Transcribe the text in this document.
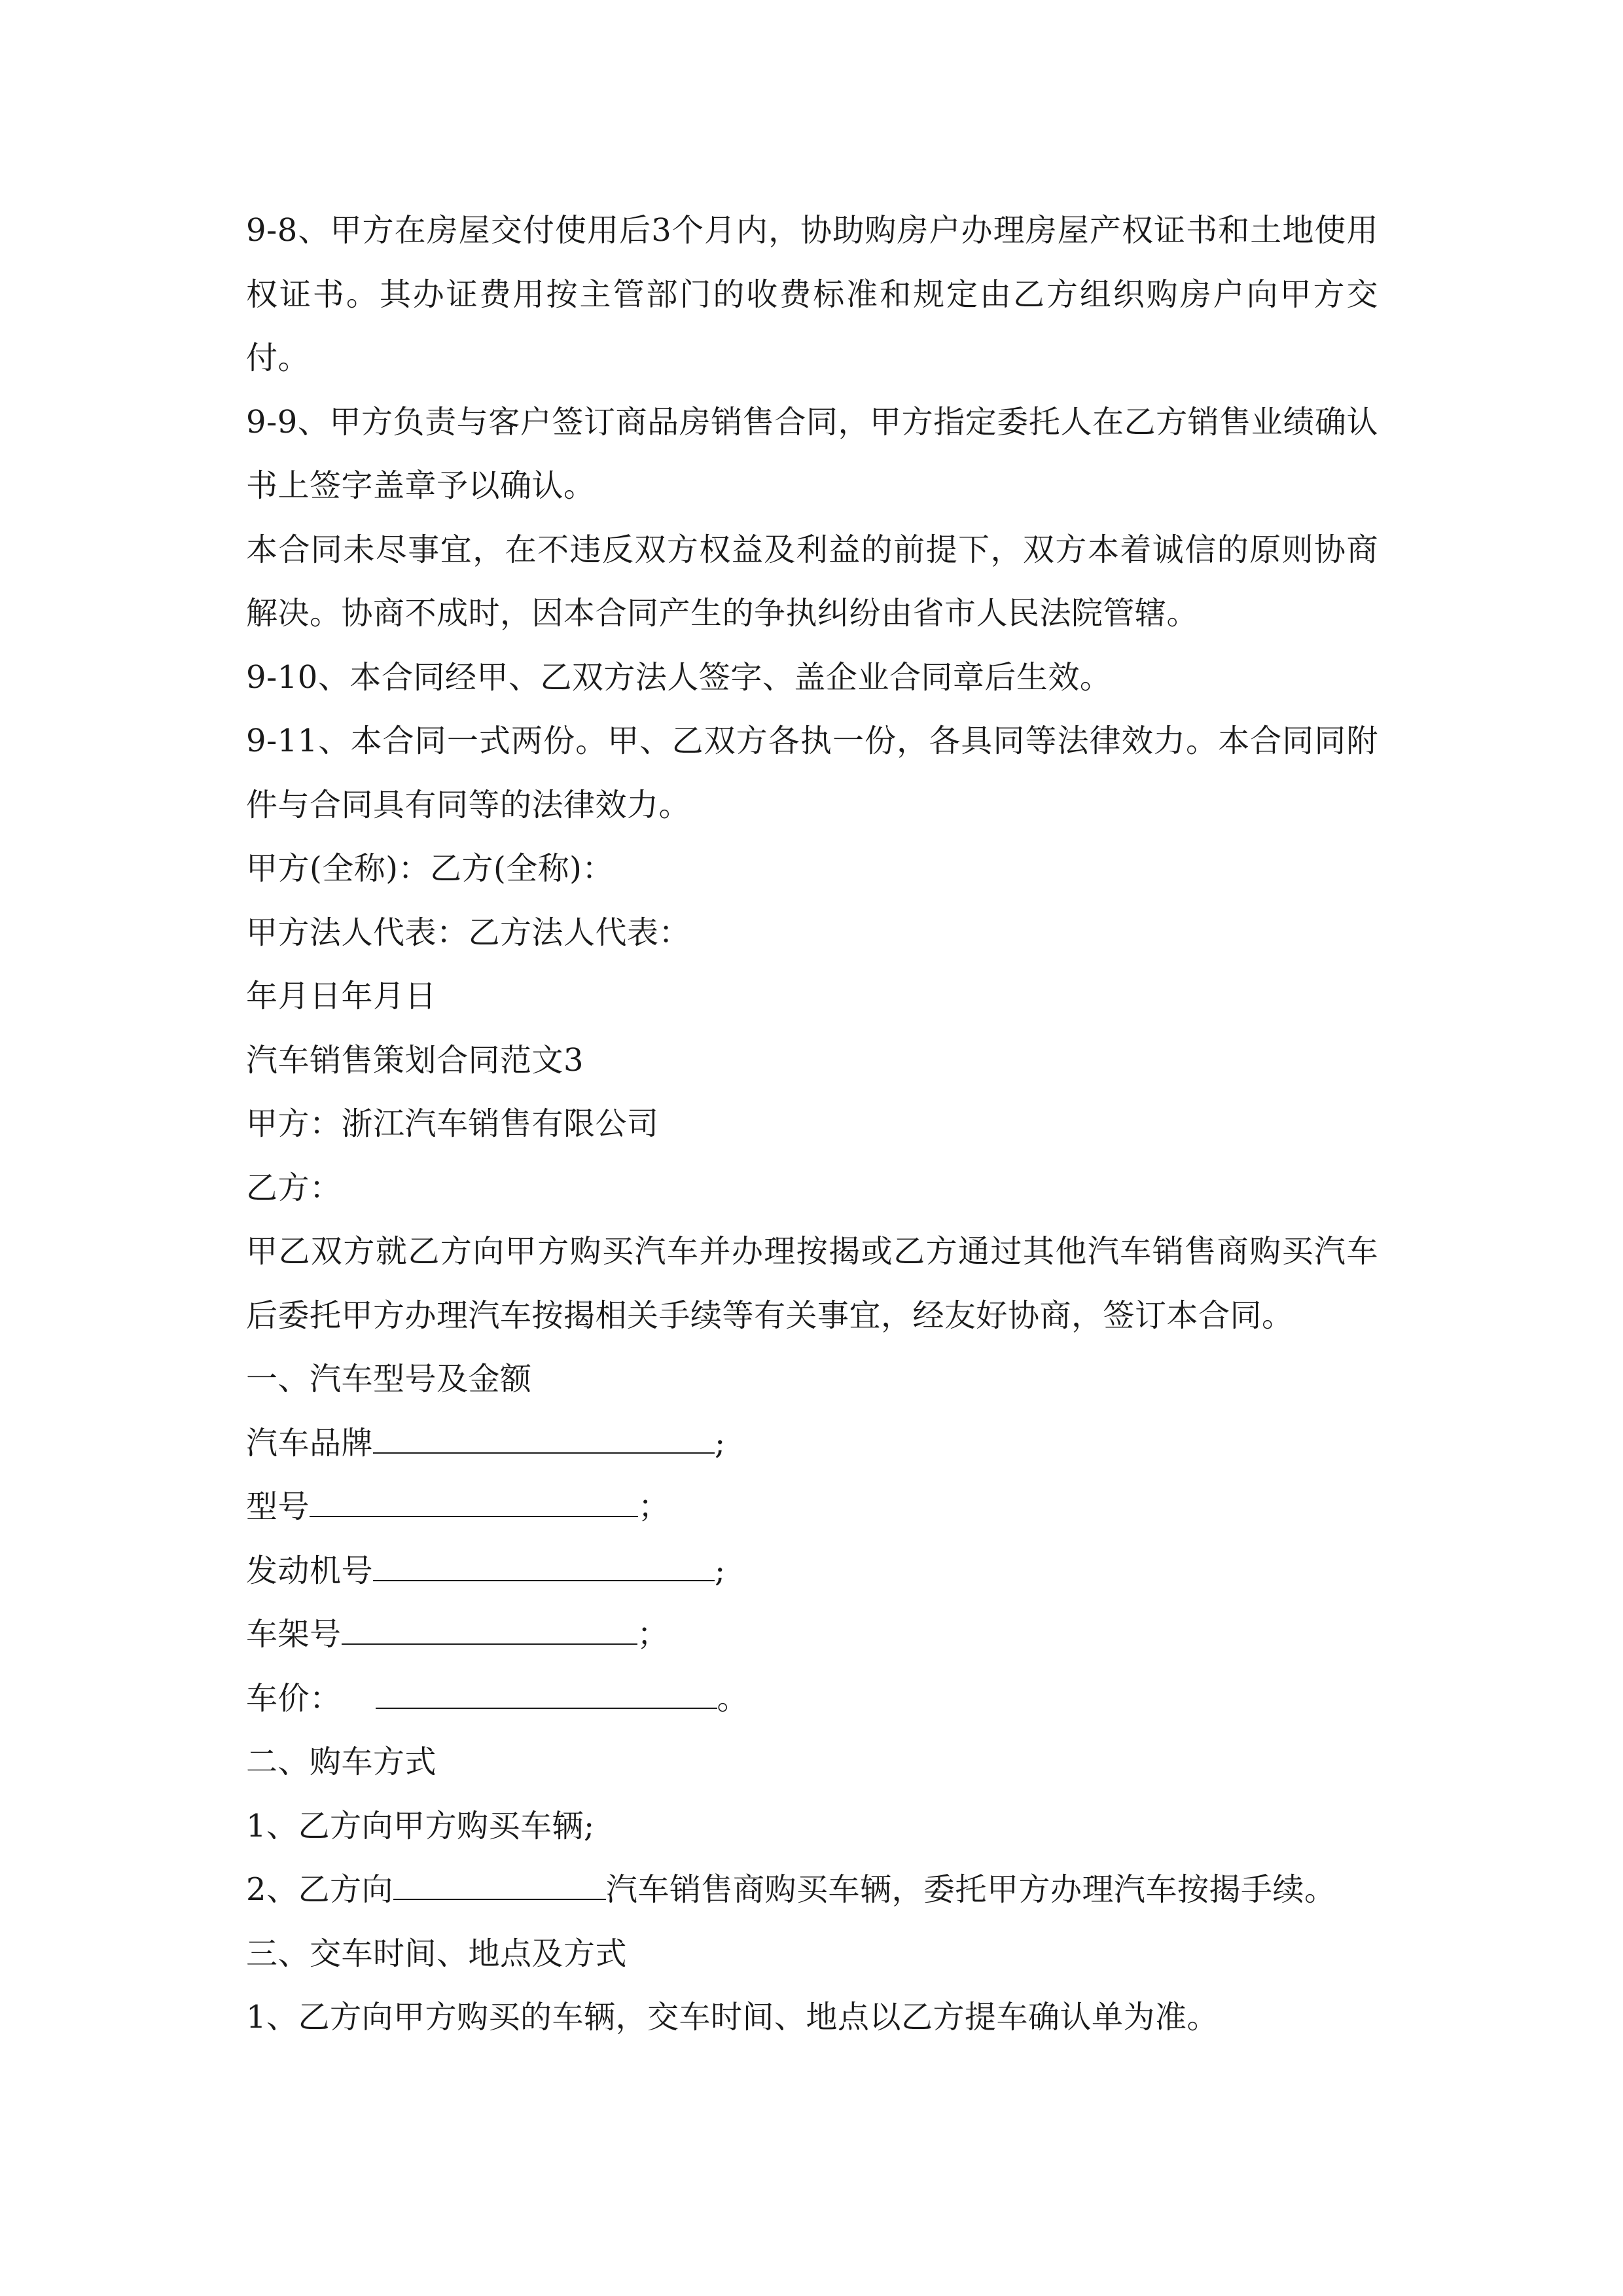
9-8、甲方在房屋交付使用后3个月内，协助购房户办理房屋产权证书和土地使用权证书。其办证费用按主管部门的收费标准和规定由乙方组织购房户向甲方交付。

9-9、甲方负责与客户签订商品房销售合同，甲方指定委托人在乙方销售业绩确认书上签字盖章予以确认。

本合同未尽事宜，在不违反双方权益及利益的前提下，双方本着诚信的原则协商解决。协商不成时，因本合同产生的争执纠纷由省市人民法院管辖。

9-10、本合同经甲、乙双方法人签字、盖企业合同章后生效。

9-11、本合同一式两份。甲、乙双方各执一份，各具同等法律效力。本合同同附件与合同具有同等的法律效力。

甲方(全称)：乙方(全称)：

甲方法人代表：乙方法人代表：

年月日年月日

汽车销售策划合同范文3

甲方：浙江汽车销售有限公司

乙方：

甲乙双方就乙方向甲方购买汽车并办理按揭或乙方通过其他汽车销售商购买汽车后委托甲方办理汽车按揭相关手续等有关事宜，经友好协商，签订本合同。

一、汽车型号及金额

汽车品牌	;

型号	；

发动机号	;

车架号	；

车价：	。

二、购车方式

1、乙方向甲方购买车辆;

2、乙方向	汽车销售商购买车辆，委托甲方办理汽车按揭手续。

三、交车时间、地点及方式

1、乙方向甲方购买的车辆，交车时间、地点以乙方提车确认单为准。
